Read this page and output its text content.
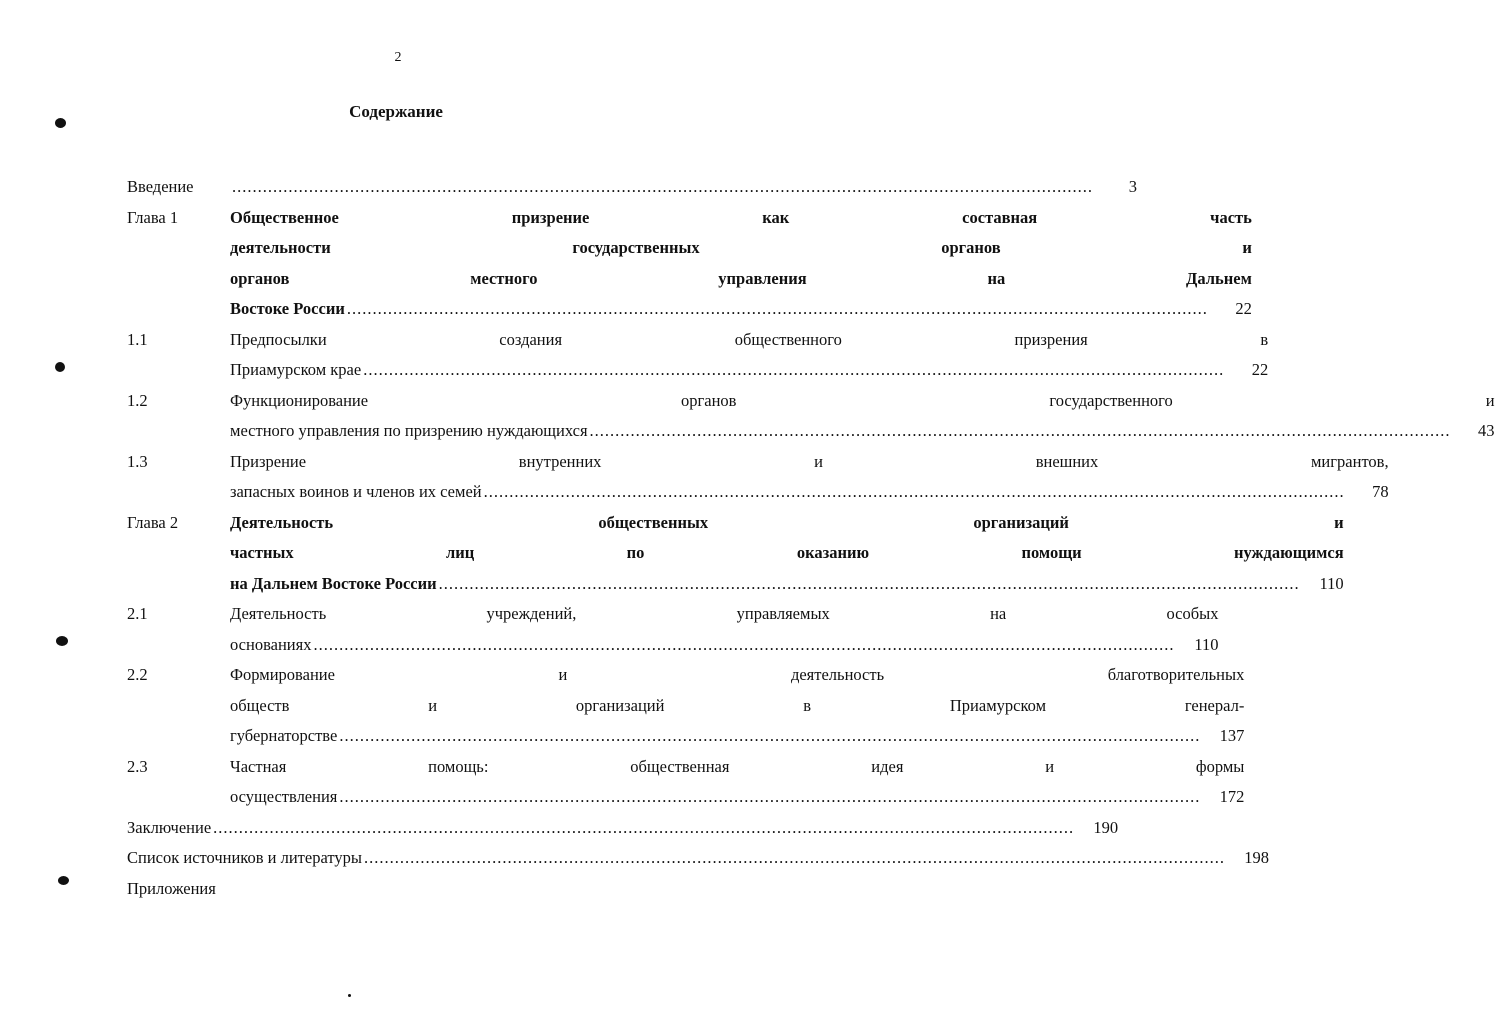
2
Содержание
Введение .....	3
Глава 1	Общественное призрение как составная часть
деятельности государственных органов и
органов местного управления на Дальнем
Востоке России .....	22
1.1	Предпосылки создания общественного призрения в
Приамурском крае .....	22
1.2	Функционирование органов государственного и
местного управления по призрению нуждающихся .....	43
1.3	Призрение внутренних и внешних мигрантов,
запасных воинов и членов их семей .....	78
Глава 2	Деятельность общественных организаций и
частных лиц по оказанию помощи нуждающимся
на Дальнем Востоке России .....	110
2.1	Деятельность учреждений, управляемых на особых
основаниях .....	110
2.2	Формирование и деятельность благотворительных
обществ и организаций в Приамурском генерал-
губернаторстве .....	137
2.3	Частная помощь: общественная идея и формы
осуществления .....	172
Заключение .....	190
Список источников и литературы .....	198
Приложения
